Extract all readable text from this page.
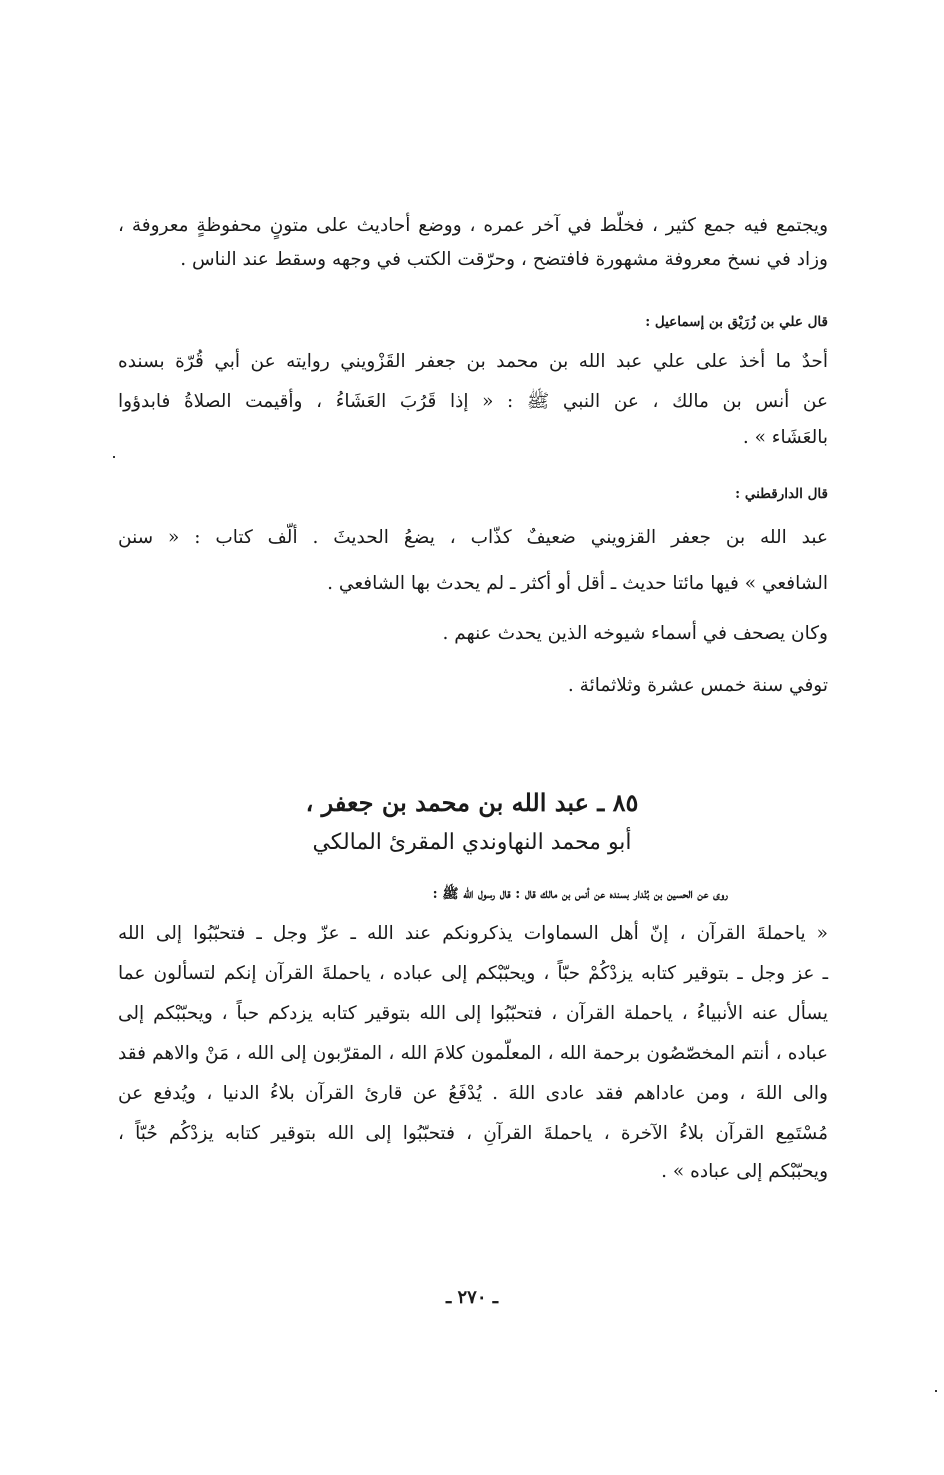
ويجتمع فيه جمع كثير ، فخلّط في آخر عمره ، ووضع أحاديث على متونٍ محفوظةٍ معروفة ،
وزاد في نسخ معروفة مشهورة فافتضح ، وحرّقت الكتب في وجهه وسقط عند الناس .
قال علي بن زُرَيْق بن إسماعيل :
أحدٌ ما أخذ على علي عبد الله بن محمد بن جعفر القَزْويني روايته عن أبي قُرّة بسنده
عن أنس بن مالك ، عن النبي ﷺ : « إذا قَرُبَ العَشَاءُ ، وأقيمت الصلاةُ فابدؤوا
بالعَشَاء » .
قال الدارقطني :
عبد الله بن جعفر القزويني ضعيفٌ كذّاب ، يضعُ الحديثَ . ألّف كتاب : « سنن
الشافعي » فيها مائتا حديث ـ أقل أو أكثر ـ لم يحدث بها الشافعي .
وكان يصحف في أسماء شيوخه الذين يحدث عنهم .
توفي سنة خمس عشرة وثلاثمائة .
٨٥ ـ عبد الله بن محمد بن جعفر ،
أبو محمد النهاوندي المقرئ المالكي
روى عن الحسين بن بُنْدار بسنده عن أنس بن مالك قال : قال رسول الله ﷺ :
« ياحملةَ القرآن ، إنّ أهل السماوات يذكرونكم عند الله ـ عزّ وجل ـ فتحبّبُوا إلى الله
ـ عز وجل ـ بتوقير كتابه يزدْكُمْ حبّاً ، ويحبّبْكم إلى عباده ، ياحملةَ القرآن إنكم لتسألون عما
يسأل عنه الأنبياءُ ، ياحملة القرآن ، فتحبّبُوا إلى الله بتوقير كتابه يزدكم حباً ، ويحبّبْكم إلى
عباده ، أنتم المخصّصُون برحمة الله ، المعلّمون كلامَ الله ، المقرّبون إلى الله ، مَنْ والاهم فقد
والى اللهَ ، ومن عاداهم فقد عادى اللهَ . يُدْفَعُ عن قارئ القرآن بلاءُ الدنيا ، ويُدفع عن
مُسْتَمِع القرآن بلاءُ الآخرة ، ياحملةَ القرآنِ ، فتحبّبُوا إلى الله بتوقير كتابه يزدْكُم حُبّاً ،
ويحبّبْكم إلى عباده » .
ـ ٢٧٠ ـ
